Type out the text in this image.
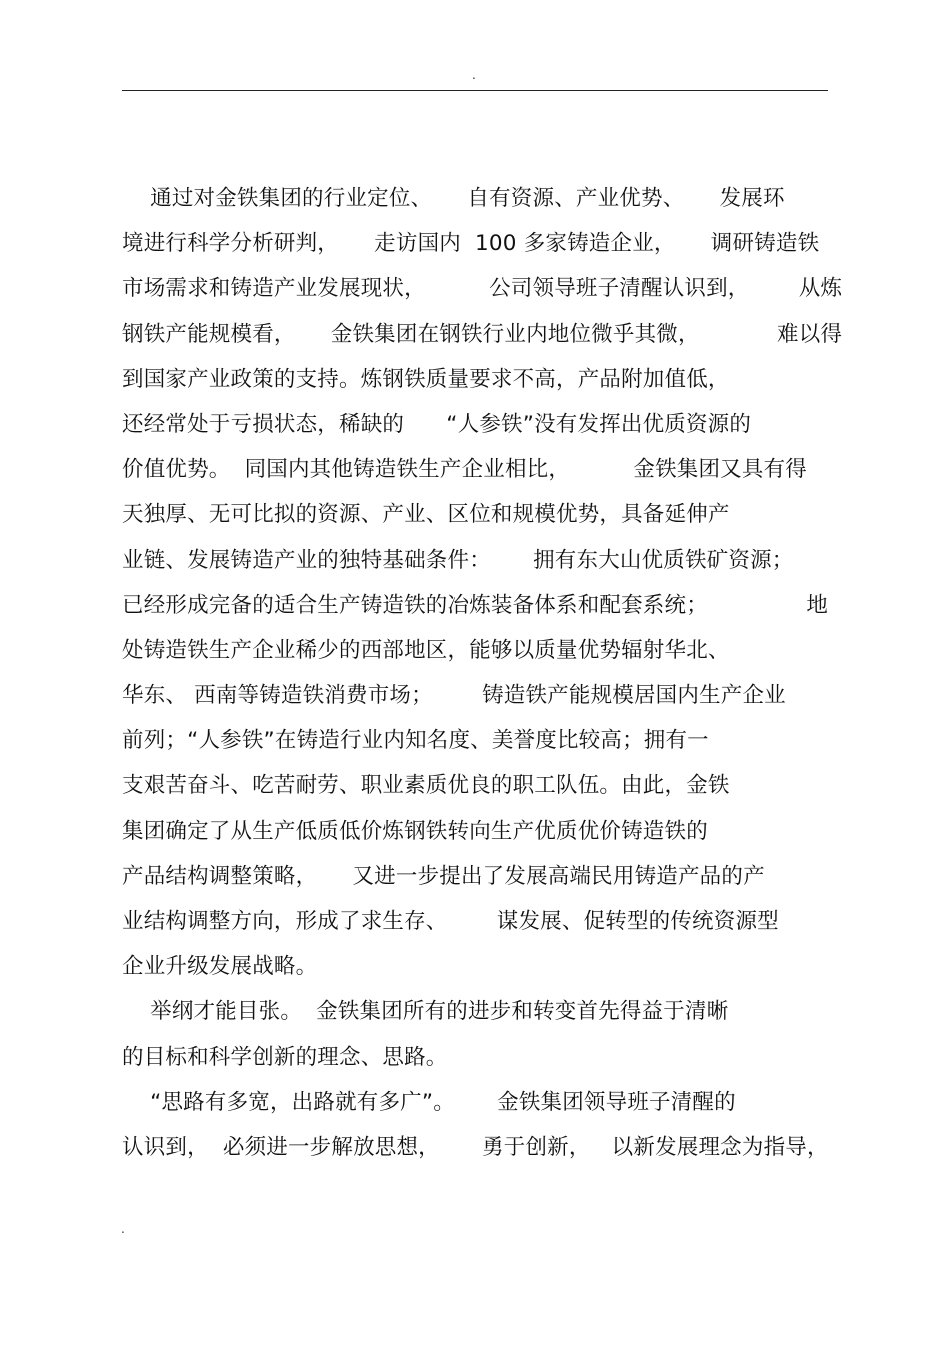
.
通过对金铁集团的行业定位、     自有资源、产业优势、     发展环
境进行科学分析研判，     走访国内  100 多家铸造企业，     调研铸造铁
市场需求和铸造产业发展现状，         公司领导班子清醒认识到，       从炼
钢铁产能规模看，     金铁集团在钢铁行业内地位微乎其微，           难以得
到国家产业政策的支持。炼钢铁质量要求不高，产品附加值低，
还经常处于亏损状态，稀缺的      “人参铁”没有发挥出优质资源的
价值优势。  同国内其他铸造铁生产企业相比，         金铁集团又具有得
天独厚、无可比拟的资源、产业、区位和规模优势，具备延伸产
业链、发展铸造产业的独特基础条件：      拥有东大山优质铁矿资源；
已经形成完备的适合生产铸造铁的冶炼装备体系和配套系统；              地
处铸造铁生产企业稀少的西部地区，能够以质量优势辐射华北、
华东、 西南等铸造铁消费市场；       铸造铁产能规模居国内生产企业
前列；“人参铁”在铸造行业内知名度、美誉度比较高；拥有一
支艰苦奋斗、吃苦耐劳、职业素质优良的职工队伍。由此，金铁
集团确定了从生产低质低价炼钢铁转向生产优质优价铸造铁的
产品结构调整策略，     又进一步提出了发展高端民用铸造产品的产
业结构调整方向，形成了求生存、       谋发展、促转型的传统资源型
企业升级发展战略。
举纲才能目张。  金铁集团所有的进步和转变首先得益于清晰
的目标和科学创新的理念、思路。
“思路有多宽，出路就有多广”。      金铁集团领导班子清醒的
认识到，  必须进一步解放思想，      勇于创新，   以新发展理念为指导，
.
